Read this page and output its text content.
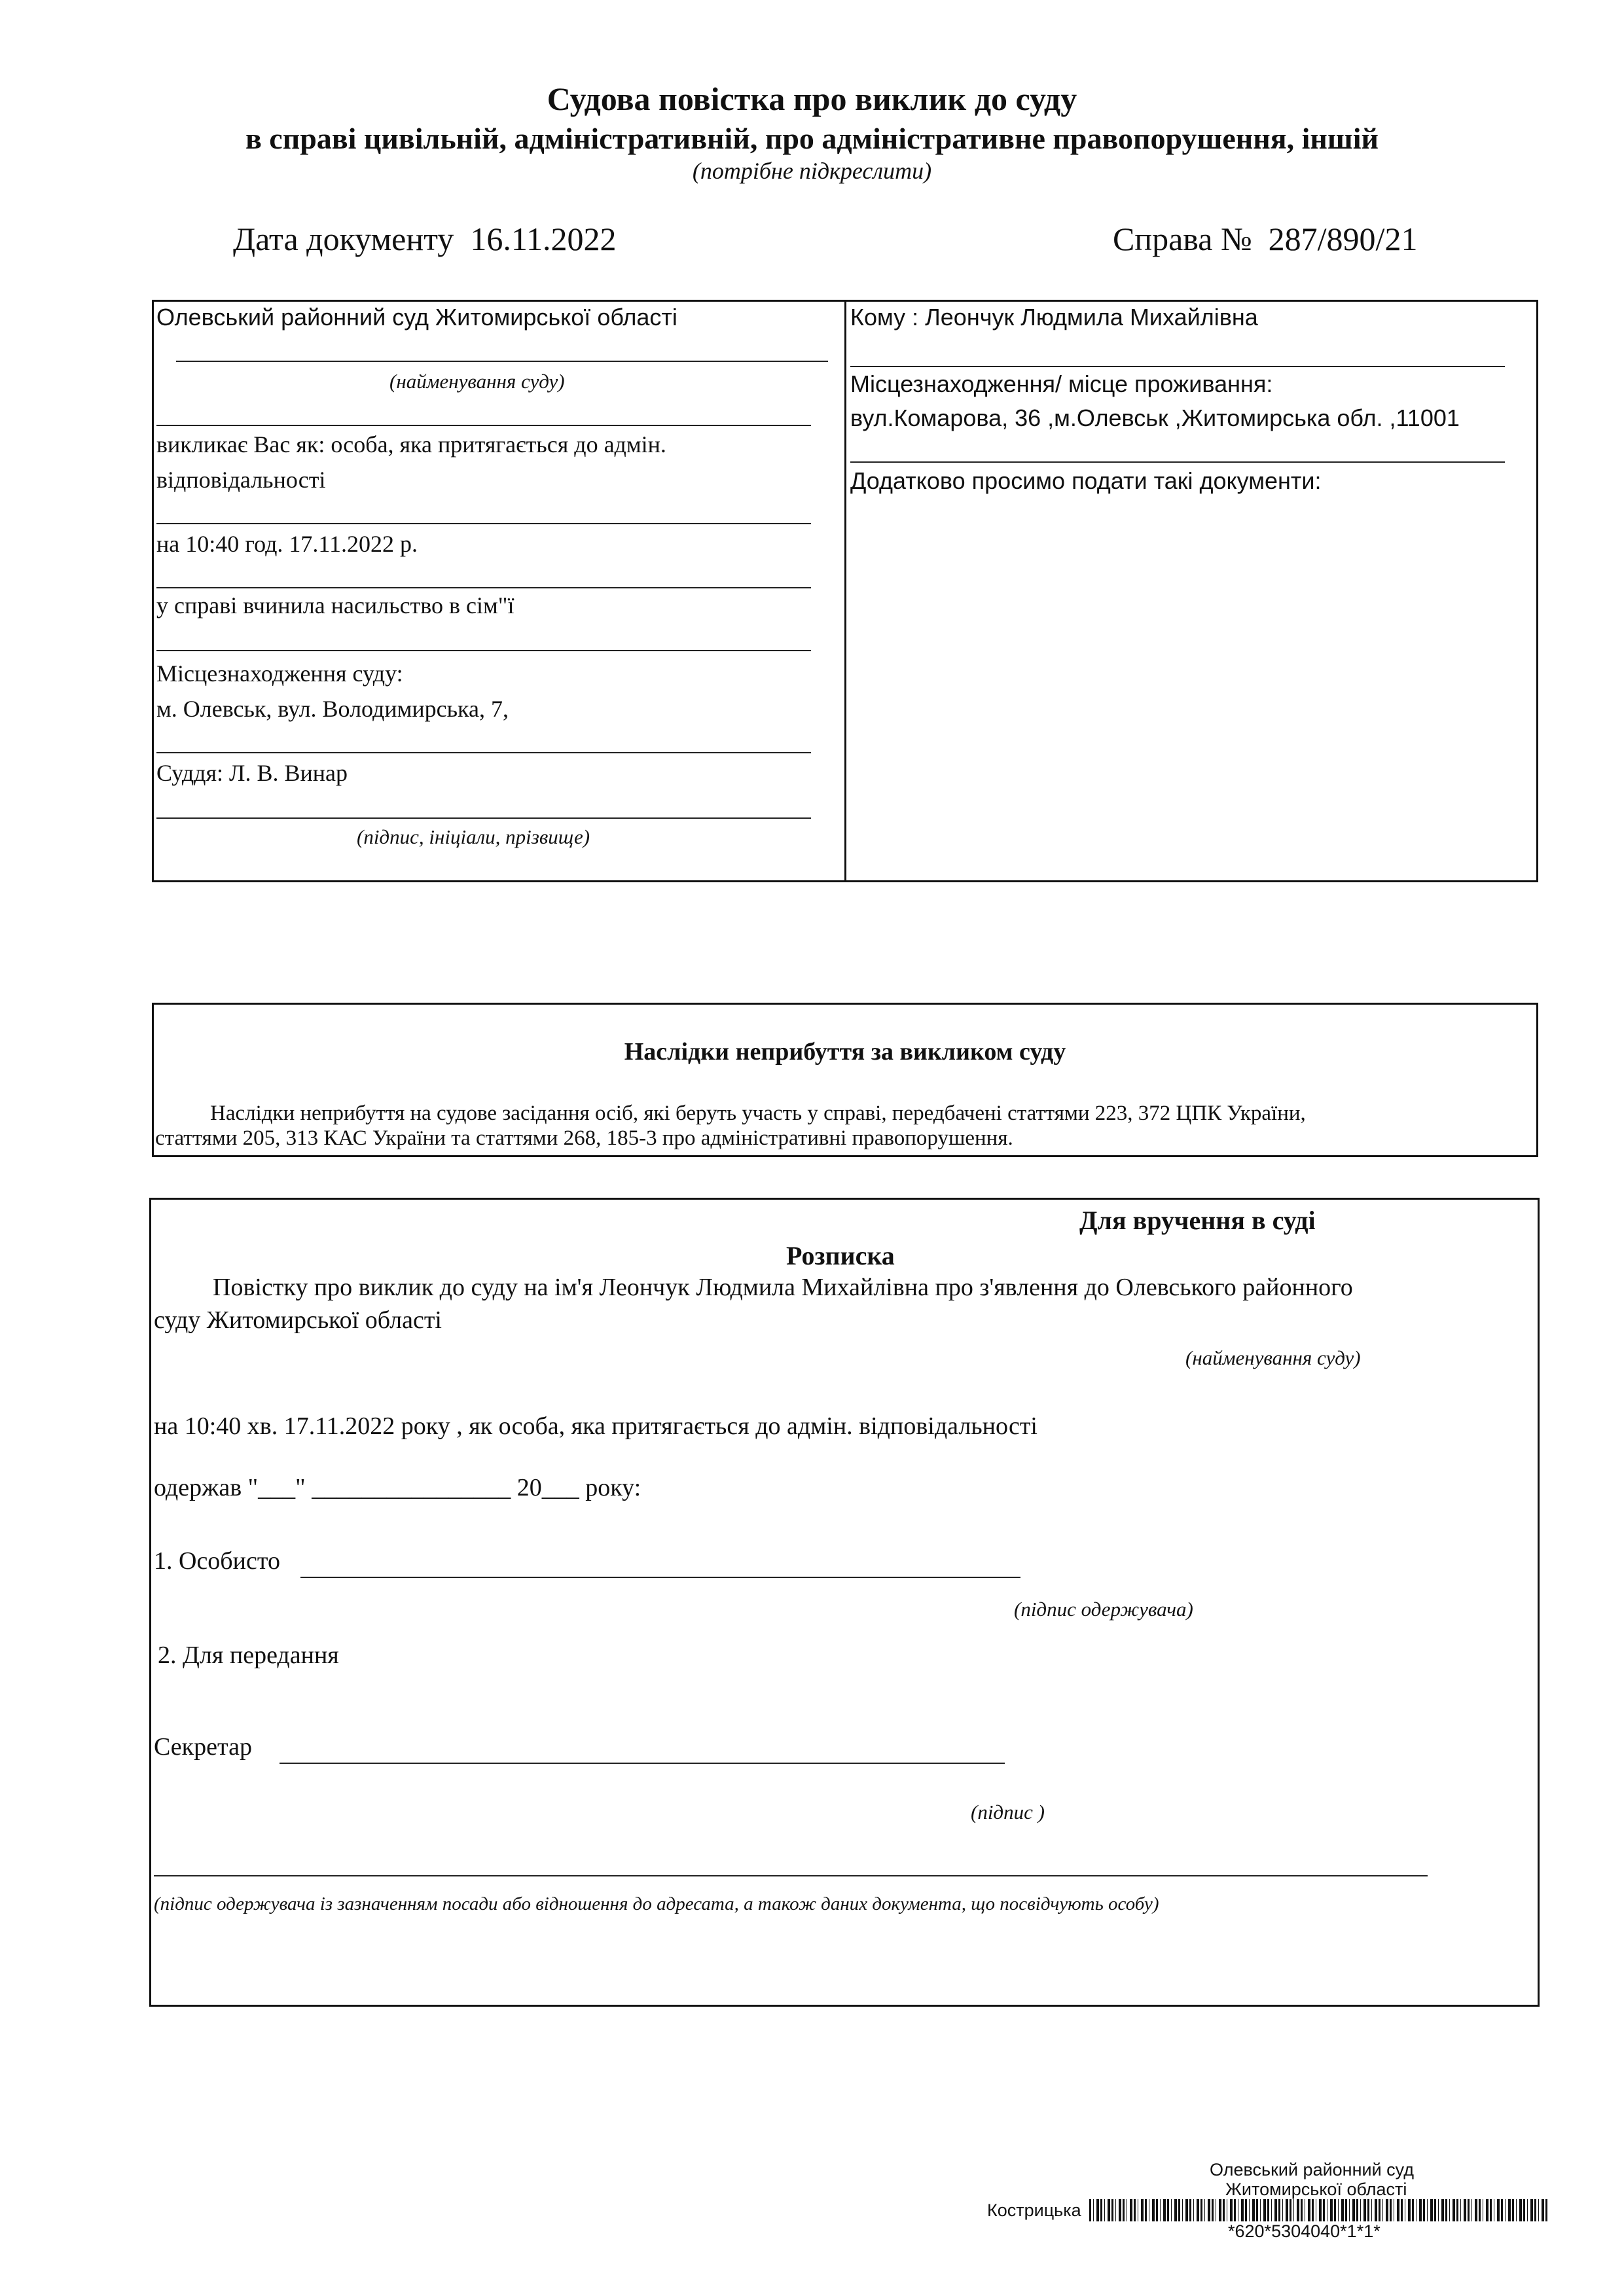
Судова повістка про виклик до суду
в справі цивільній, адміністративній, про адміністративне правопорушення, іншій
(потрібне підкреслити)
Дата документу 16.11.2022	Справа № 287/890/21
Олевський районний суд Житомирської області
(найменування суду)
викликає Вас як: особа, яка притягається до адмін.
відповідальності
на 10:40 год. 17.11.2022 р.
у справі вчинила насильство в сім"ї
Місцезнаходження суду:
м. Олевськ, вул. Володимирська, 7,
Суддя: Л. В. Винар
(підпис, ініціали, прізвище)
Кому : Леончук Людмила Михайлівна
Місцезнаходження/ місце проживання:
вул.Комарова, 36 ,м.Олевськ ,Житомирська обл. ,11001
Додатково просимо подати такі документи:
Наслідки неприбуття за викликом суду
Наслідки неприбуття на судове засідання осіб, які беруть участь у справі, передбачені статтями 223, 372 ЦПК України,
статтями 205, 313 КАС України та статтями 268, 185-3 про адміністративні правопорушення.
Для вручення в суді
Розписка
Повістку про виклик до суду на ім'я Леончук Людмила Михайлівна про з'явлення до Олевського районного
суду Житомирської області
(найменування суду)
на 10:40 хв. 17.11.2022 року , як особа, яка притягається до адмін. відповідальності
одержав "___" ________________ 20___ року:
1. Особисто
(підпис одержувача)
2. Для передання
Секретар
(підпис )
(підпис одержувача із зазначенням посади або відношення до адресата, а також даних документа, що посвідчують особу)
Олевський районний суд
Житомирської області
Кострицька
*620*5304040*1*1*
